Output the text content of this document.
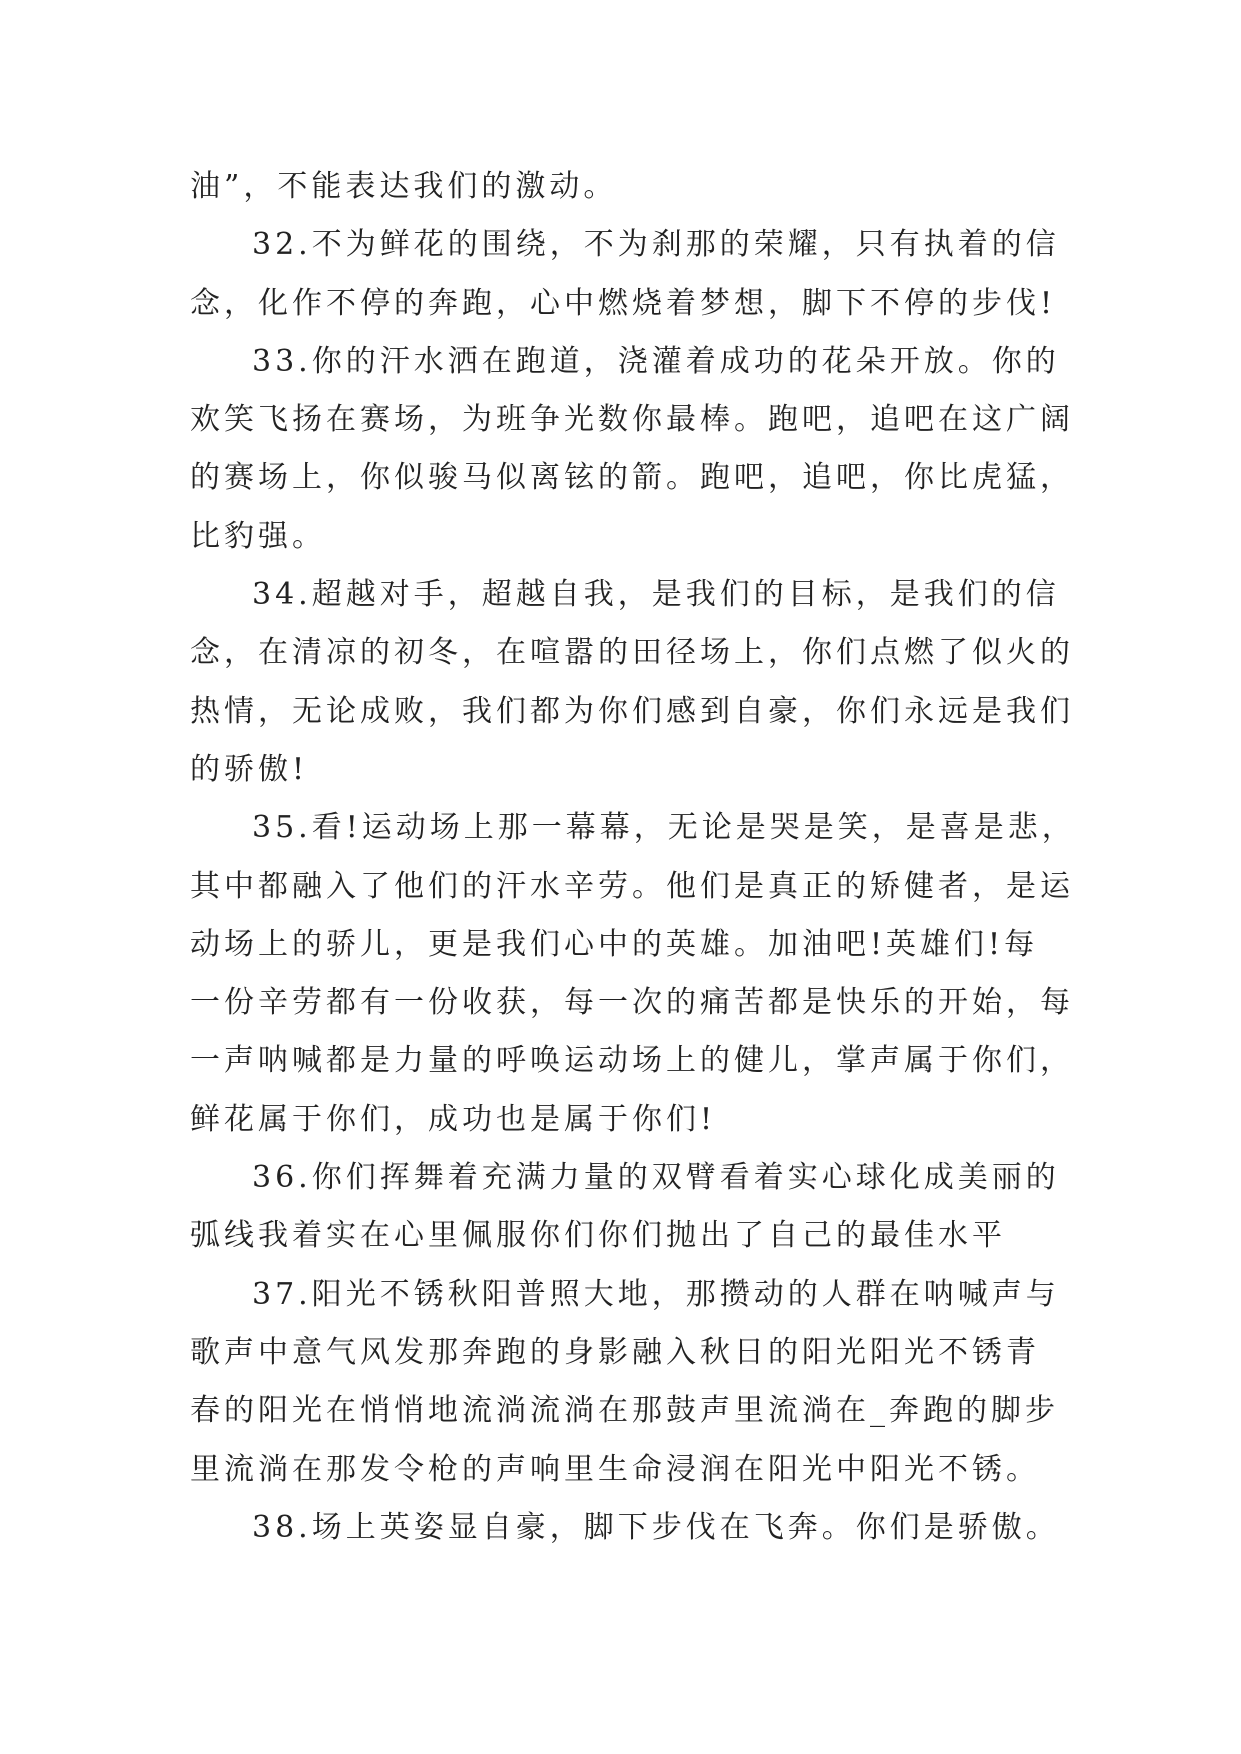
油”，不能表达我们的激动。
32.不为鲜花的围绕，不为刹那的荣耀，只有执着的信
念，化作不停的奔跑，心中燃烧着梦想，脚下不停的步伐!
33.你的汗水洒在跑道，浇灌着成功的花朵开放。你的
欢笑飞扬在赛场，为班争光数你最棒。跑吧，追吧在这广阔
的赛场上，你似骏马似离铉的箭。跑吧，追吧，你比虎猛，
比豹强。
34.超越对手，超越自我，是我们的目标，是我们的信
念，在清凉的初冬，在喧嚣的田径场上，你们点燃了似火的
热情，无论成败，我们都为你们感到自豪，你们永远是我们
的骄傲!
35.看!运动场上那一幕幕，无论是哭是笑，是喜是悲，
其中都融入了他们的汗水辛劳。他们是真正的矫健者，是运
动场上的骄儿，更是我们心中的英雄。加油吧!英雄们!每
一份辛劳都有一份收获，每一次的痛苦都是快乐的开始，每
一声呐喊都是力量的呼唤运动场上的健儿，掌声属于你们，
鲜花属于你们，成功也是属于你们!
36.你们挥舞着充满力量的双臂看着实心球化成美丽的
弧线我着实在心里佩服你们你们抛出了自己的最佳水平
37.阳光不锈秋阳普照大地，那攒动的人群在呐喊声与
歌声中意气风发那奔跑的身影融入秋日的阳光阳光不锈青
春的阳光在悄悄地流淌流淌在那鼓声里流淌在_奔跑的脚步
里流淌在那发令枪的声响里生命浸润在阳光中阳光不锈。
38.场上英姿显自豪，脚下步伐在飞奔。你们是骄傲。
